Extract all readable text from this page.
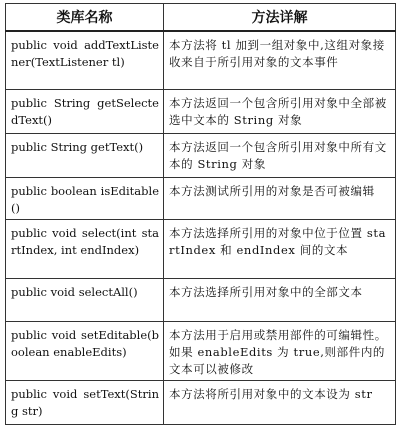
类库名称	方法详解
public void addTextListener(TextListener tl)	本方法将 tl 加到一组对象中,这组对象接收来自于所引用对象的文本事件
public String getSelectedText()	本方法返回一个包含所引用对象中全部被选中文本的 String 对象
public String getText()	本方法返回一个包含所引用对象中所有文本的 String 对象
public boolean isEditable()	本方法测试所引用的对象是否可被编辑
public void select(int startIndex, int endIndex)	本方法选择所引用的对象中位于位置 startIndex 和 endIndex 间的文本
public void selectAll()	本方法选择所引用对象中的全部文本
public void setEditable(boolean enableEdits)	本方法用于启用或禁用部件的可编辑性。如果 enableEdits 为 true,则部件内的文本可以被修改
public void setText(String str)	本方法将所引用对象中的文本设为 str
